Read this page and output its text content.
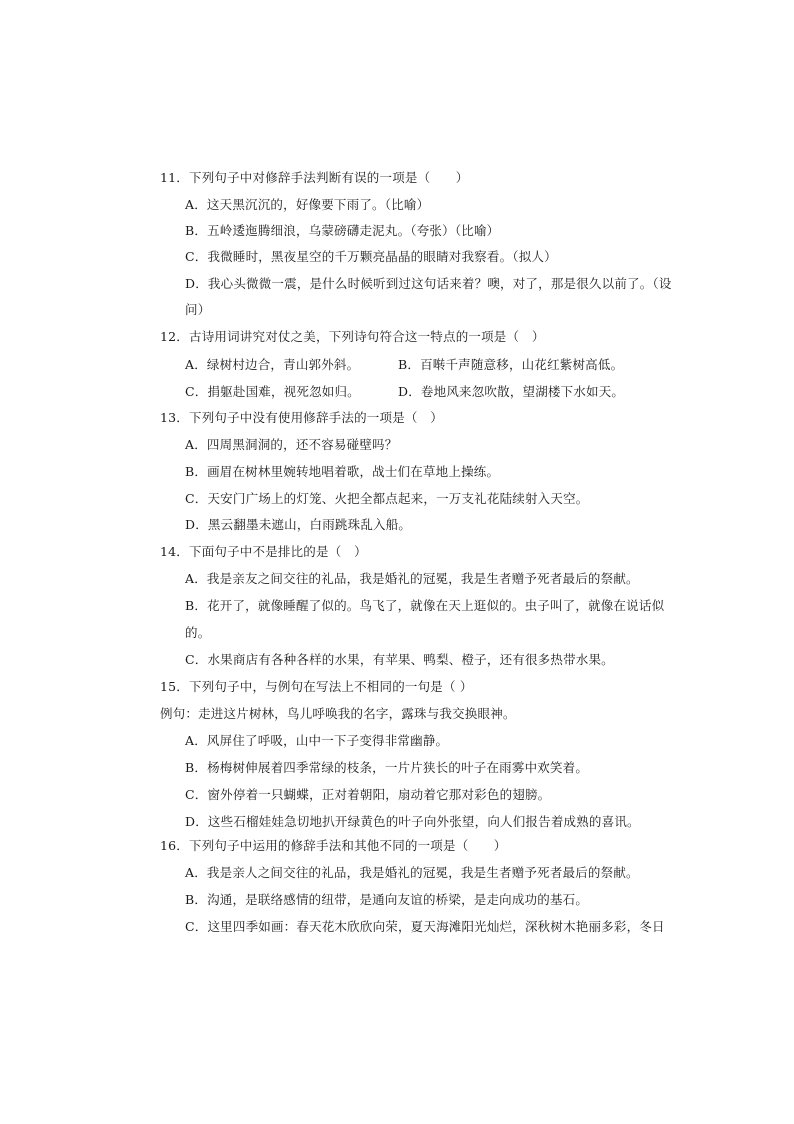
11．下列句子中对修辞手法判断有误的一项是（　　）
A．这天黑沉沉的，好像要下雨了。（比喻）
B．五岭逶迤腾细浪，乌蒙磅礴走泥丸。（夸张）（比喻）
C．我微睡时，黑夜星空的千万颗亮晶晶的眼睛对我察看。（拟人）
D．我心头微微一震，是什么时候听到过这句话来着？噢，对了，那是很久以前了。（设
问）
12．古诗用词讲究对仗之美，下列诗句符合这一特点的一项是（　）
A．绿树村边合，青山郭外斜。	B．百啭千声随意移，山花红紫树高低。
C．捐躯赴国难，视死忽如归。	D．卷地风来忽吹散，望湖楼下水如天。
13．下列句子中没有使用修辞手法的一项是（　）
A．四周黑洞洞的，还不容易碰壁吗？
B．画眉在树林里婉转地唱着歌，战士们在草地上操练。
C．天安门广场上的灯笼、火把全都点起来，一万支礼花陆续射入天空。
D．黑云翻墨未遮山，白雨跳珠乱入船。
14．下面句子中不是排比的是（　）
A．我是亲友之间交往的礼品，我是婚礼的冠冕，我是生者赠予死者最后的祭献。
B．花开了，就像睡醒了似的。鸟飞了，就像在天上逛似的。虫子叫了，就像在说话似
的。
C．水果商店有各种各样的水果，有苹果、鸭梨、橙子，还有很多热带水果。
15．下列句子中，与例句在写法上不相同的一句是（ ）
例句：走进这片树林，鸟儿呼唤我的名字，露珠与我交换眼神。
A．风屏住了呼吸，山中一下子变得非常幽静。
B．杨梅树伸展着四季常绿的枝条，一片片狭长的叶子在雨雾中欢笑着。
C．窗外停着一只蝴蝶，正对着朝阳，扇动着它那对彩色的翅膀。
D．这些石榴娃娃急切地扒开绿黄色的叶子向外张望，向人们报告着成熟的喜讯。
16．下列句子中运用的修辞手法和其他不同的一项是（　　）
A．我是亲人之间交往的礼品，我是婚礼的冠冕，我是生者赠予死者最后的祭献。
B．沟通，是联络感情的纽带，是通向友谊的桥梁，是走向成功的基石。
C．这里四季如画：春天花木欣欣向荣，夏天海滩阳光灿烂，深秋树木艳丽多彩，冬日
